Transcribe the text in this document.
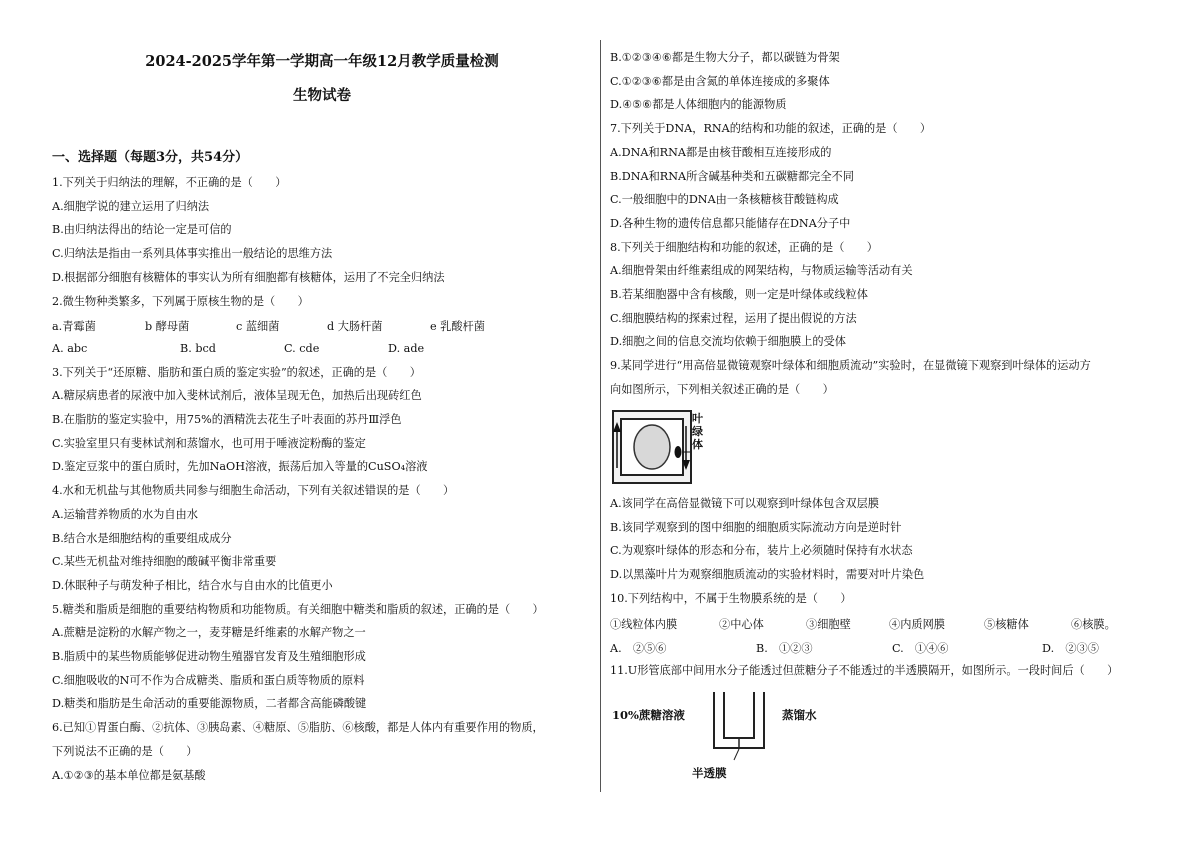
2024-2025学年第一学期高一年级12月教学质量检测
生物试卷
一、选择题（每题3分，共54分）
1.下列关于归纳法的理解，不正确的是（　　）
A.细胞学说的建立运用了归纳法
B.由归纳法得出的结论一定是可信的
C.归纳法是指由一系列具体事实推出一般结论的思维方法
D.根据部分细胞有核糖体的事实认为所有细胞都有核糖体，运用了不完全归纳法
2.微生物种类繁多，下列属于原核生物的是（　　）
3.下列关于“还原糖、脂肪和蛋白质的鉴定实验”的叙述，正确的是（　　）
A.糖尿病患者的尿液中加入斐林试剂后，液体呈现无色，加热后出现砖红色
B.在脂肪的鉴定实验中，用75%的酒精洗去花生子叶表面的苏丹Ⅲ浮色
C.实验室里只有斐林试剂和蒸馏水，也可用于唾液淀粉酶的鉴定
D.鉴定豆浆中的蛋白质时，先加NaOH溶液，振荡后加入等量的CuSO₄溶液
4.水和无机盐与其他物质共同参与细胞生命活动，下列有关叙述错误的是（　　）
A.运输营养物质的水为自由水
B.结合水是细胞结构的重要组成成分
C.某些无机盐对维持细胞的酸碱平衡非常重要
D.休眠种子与萌发种子相比，结合水与自由水的比值更小
5.糖类和脂质是细胞的重要结构物质和功能物质。有关细胞中糖类和脂质的叙述，正确的是（　　）
A.蔗糖是淀粉的水解产物之一，麦芽糖是纤维素的水解产物之一
B.脂质中的某些物质能够促进动物生殖器官发育及生殖细胞形成
C.细胞吸收的N可不作为合成糖类、脂质和蛋白质等物质的原料
D.糖类和脂肪是生命活动的重要能源物质，二者都含高能磷酸键
6.已知①胃蛋白酶、②抗体、③胰岛素、④糖原、⑤脂肪、⑥核酸，都是人体内有重要作用的物质，
下列说法不正确的是（　　）
A.①②③的基本单位都是氨基酸
B.①②③④⑥都是生物大分子，都以碳链为骨架
C.①②③⑥都是由含氮的单体连接成的多聚体
D.④⑤⑥都是人体细胞内的能源物质
7.下列关于DNA，RNA的结构和功能的叙述，正确的是（　　）
A.DNA和RNA都是由核苷酸相互连接形成的
B.DNA和RNA所含碱基种类和五碳糖都完全不同
C.一般细胞中的DNA由一条核糖核苷酸链构成
D.各种生物的遗传信息都只能储存在DNA分子中
8.下列关于细胞结构和功能的叙述，正确的是（　　）
A.细胞骨架由纤维素组成的网架结构，与物质运输等活动有关
B.若某细胞器中含有核酸，则一定是叶绿体或线粒体
C.细胞膜结构的探索过程，运用了提出假说的方法
D.细胞之间的信息交流均依赖于细胞膜上的受体
9.某同学进行“用高倍显微镜观察叶绿体和细胞质流动”实验时，在显微镜下观察到叶绿体的运动方
向如图所示，下列相关叙述正确的是（　　）
A.该同学在高倍显微镜下可以观察到叶绿体包含双层膜
B.该同学观察到的图中细胞的细胞质实际流动方向是逆时针
C.为观察叶绿体的形态和分布，装片上必须随时保持有水状态
D.以黑藻叶片为观察细胞质流动的实验材料时，需要对叶片染色
10.下列结构中，不属于生物膜系统的是（　　）
a.青霉菌	b 酵母菌	c 蓝细菌	d 大肠杆菌	e 乳酸杆菌
A. abc	B. bcd	C. cde	D. ade
叶绿体
①线粒体内膜	②中心体	③细胞壁	④内质网膜	⑤核糖体	⑥核膜。
A.　②⑤⑥	B.　①②③	C.　①④⑥	D.　②③⑤
11.U形管底部中间用水分子能透过但蔗糖分子不能透过的半透膜隔开，如图所示。一段时间后（　　）
10%蔗糖溶液	蒸馏水
半透膜
